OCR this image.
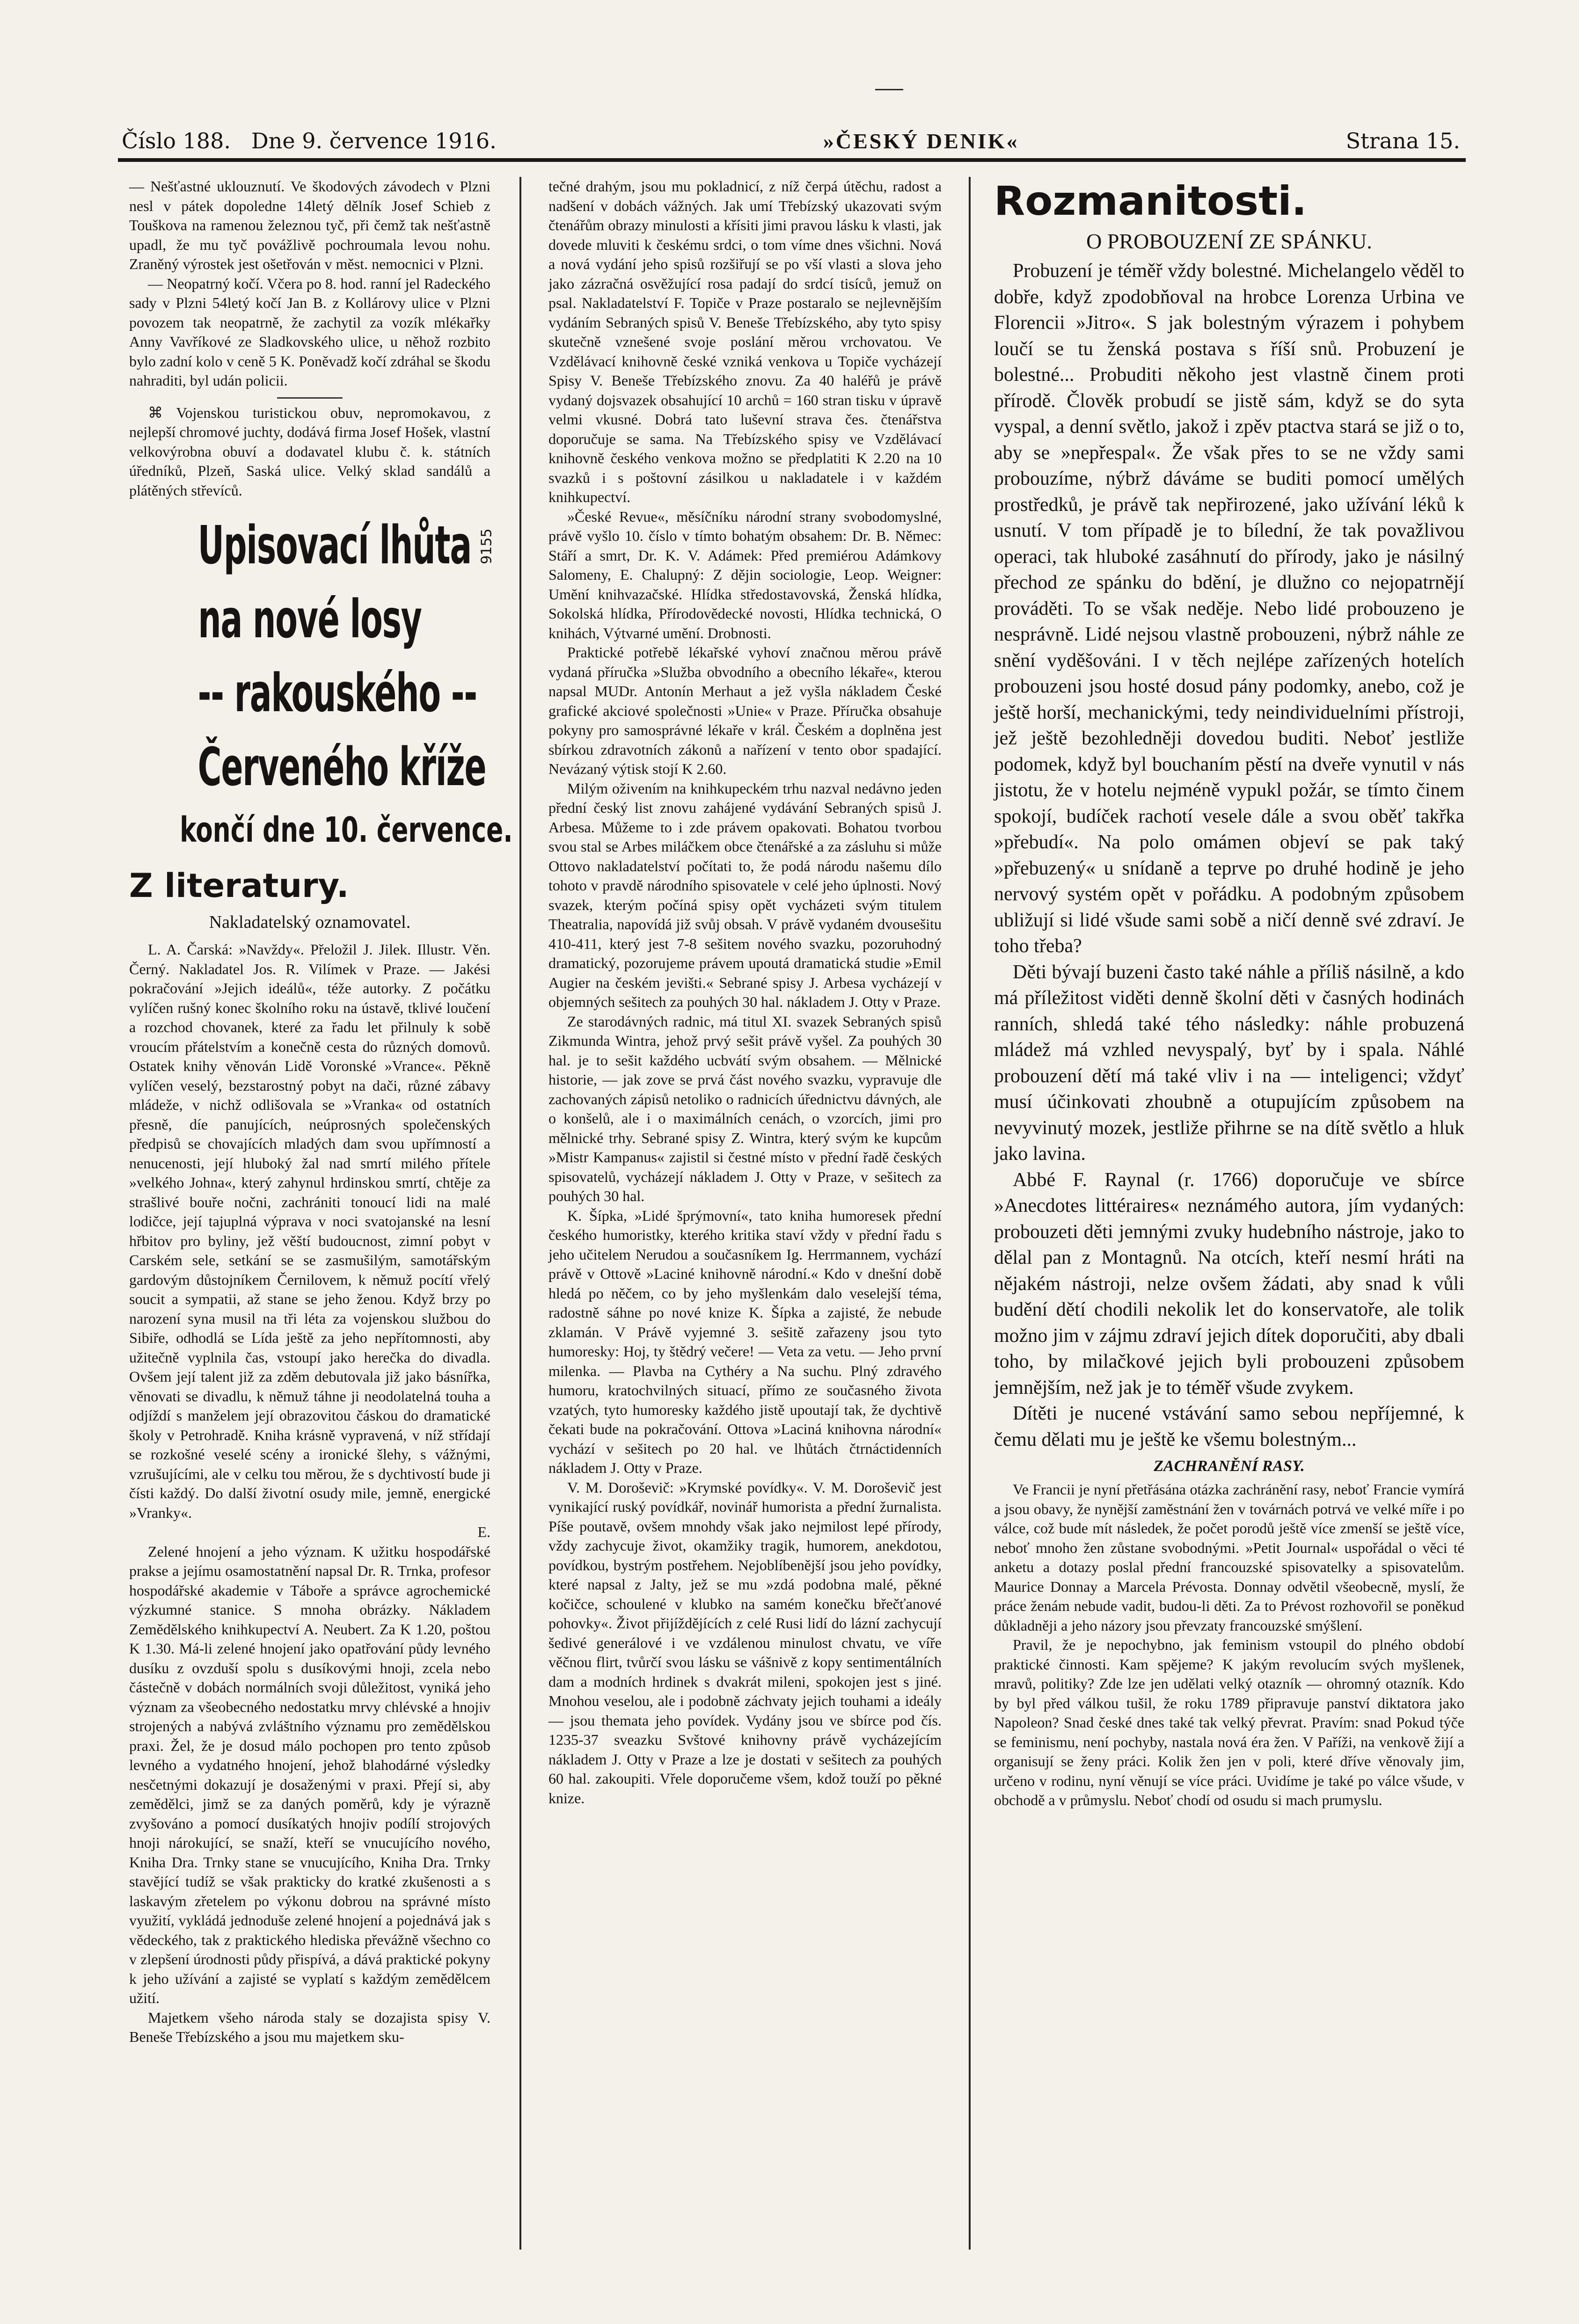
Číslo 188. Dne 9. července 1916.	»ČESKÝ DENIK«	Strana 15.

— Nešťastné uklouznutí. Ve škodových závodech v Plzni nesl v pátek dopoledne 14letý dělník Josef Schieb z Touškova na ramenou železnou tyč, při čemž tak nešťastně upadl, že mu tyč povážlivě pochroumala levou nohu. Zraněný výrostek jest ošetřován v měst. nemocnici v Plzni.

— Neopatrný kočí. Včera po 8. hod. ranní jel Radeckého sady v Plzni 54letý kočí Jan B. z Kollárovy ulice v Plzni povozem tak neopatrně, že zachytil za vozík mlékařky Anny Vavříkové ze Sladkovského ulice, u něhož rozbito bylo zadní kolo v ceně 5 K. Poněvadž kočí zdráhal se škodu nahraditi, byl udán policii.

⌘ Vojenskou turistickou obuv, nepromokavou, z nejlepší chromové juchty, dodává firma Josef Hošek, vlastní velkovýrobna obuví a dodavatel klubu č. k. státních úředníků, Plzeň, Saská ulice. Velký sklad sandálů a plátěných střevíců.

Upisovací lhůta
na nové losy
-- rakouského --
Červeného kříže
končí dne 10. července.
9155
Z literatury.
Nakladatelský oznamovatel.

L. A. Čarská: »Navždy«. Přeložil J. Jilek. Illustr. Věn. Černý. Nakladatel Jos. R. Vilímek v Praze. — Jakési pokračování »Jejich ideálů«, téže autorky. Z počátku vylíčen rušný konec školního roku na ústavě, tklivé loučení a rozchod chovanek, které za řadu let přilnuly k sobě vroucím přátelstvím a konečně cesta do různých domovů. Ostatek knihy věnován Lidě Voronské »Vrance«. Pěkně vylíčen veselý, bezstarostný pobyt na dači, různé zábavy mládeže, v nichž odlišovala se »Vranka« od ostatních přesně, díe panujících, neúprosných společenských předpisů se chovajících mladých dam svou upřímností a nenucenosti, její hluboký žal nad smrtí milého přítele »velkého Johna«, který zahynul hrdinskou smrtí, chtěje za strašlivé bouře nočni, zachrániti tonoucí lidi na malé lodičce, její tajuplná výprava v noci svatojanské na lesní hřbitov pro byliny, jež věští budoucnost, zimní pobyt v Carském sele, setkání se se zasmušilým, samotářským gardovým důstojníkem Černilovem, k němuž pocítí vřelý soucit a sympatii, až stane se jeho ženou. Když brzy po narození syna musil na tři léta za vojenskou službou do Sibiře, odhodlá se Lída ještě za jeho nepřítomnosti, aby užitečně vyplnila čas, vstoupí jako herečka do divadla. Ovšem její talent již za zděm debutovala již jako básnířka, věnovati se divadlu, k němuž táhne ji neodolatelná touha a odjíždí s manželem její obrazovitou čáskou do dramatické školy v Petrohradě. Kniha krásně vypravená, v níž střídají se rozkošné veselé scény a ironické šlehy, s vážnými, vzrušujícími, ale v celku tou měrou, že s dychtivostí bude ji čísti každý. Do další životní osudy mile, jemně, energické »Vranky«.

E.

Zelené hnojení a jeho význam. K užitku hospodářské prakse a jejímu osamostatnění napsal Dr. R. Trnka, profesor hospodářské akademie v Táboře a správce agrochemické výzkumné stanice. S mnoha obrázky. Nákladem Zemědělského knihkupectví A. Neubert. Za K 1.20, poštou K 1.30. Má-li zelené hnojení jako opatřování půdy levného dusíku z ovzduší spolu s dusíkovými hnoji, zcela nebo částečně v dobách normálních svoji důležitost, vyniká jeho význam za všeobecného nedostatku mrvy chlévské a hnojiv strojených a nabývá zvláštního významu pro zemědělskou praxi. Žel, že je dosud málo pochopen pro tento způsob levného a vydatného hnojení, jehož blahodárné výsledky nesčetnými dokazují je dosaženými v praxi. Přejí si, aby zemědělci, jimž se za daných poměrů, kdy je výrazně zvyšováno a pomocí dusíkatých hnojiv podílí strojových hnoji nárokující, se snaží, kteří se vnucujícího nového, Kniha Dra. Trnky stane se vnucujícího, Kniha Dra. Trnky stavějící tudíž se však prakticky do kratké zkušenosti a s laskavým zřetelem po výkonu dobrou na správné místo využití, vykládá jednoduše zelené hnojení a pojednává jak s vědeckého, tak z praktického hlediska převážně všechno co v zlepšení úrodnosti půdy přispívá, a dává praktické pokyny k jeho užívání a zajisté se vyplatí s každým zemědělcem užití.

Majetkem všeho národa staly se dozajista spisy V. Beneše Třebízského a jsou mu majetkem sku-

tečné drahým, jsou mu pokladnicí, z níž čerpá útěchu, radost a nadšení v dobách vážných. Jak umí Třebízský ukazovati svým čtenářům obrazy minulosti a křísiti jimi pravou lásku k vlasti, jak dovede mluviti k českému srdci, o tom víme dnes všichni. Nová a nová vydání jeho spisů rozšiřují se po vší vlasti a slova jeho jako zázračná osvěžující rosa padají do srdcí tisíců, jemuž on psal. Nakladatelství F. Topiče v Praze postaralo se nejlevnějším vydáním Sebraných spisů V. Beneše Třebízského, aby tyto spisy skutečně vznešené svoje poslání měrou vrchovatou. Ve Vzdělávací knihovně české vzniká venkova u Topiče vycházejí Spisy V. Beneše Třebízského znovu. Za 40 haléřů je právě vydaný dojsvazek obsahující 10 archů = 160 stran tisku v úpravě velmi vkusné. Dobrá tato luševní strava čes. čtenářstva doporučuje se sama. Na Třebízského spisy ve Vzdělávací knihovně českého venkova možno se předplatiti K 2.20 na 10 svazků i s poštovní zásilkou u nakladatele i v každém knihkupectví.

»České Revue«, měsíčníku národní strany svobodomyslné, právě vyšlo 10. číslo v tímto bohatým obsahem: Dr. B. Němec: Stáří a smrt, Dr. K. V. Adámek: Před premiérou Adámkovy Salomeny, E. Chalupný: Z dějin sociologie, Leop. Weigner: Umění knihvazačské. Hlídka středostavovská, Ženská hlídka, Sokolská hlídka, Přírodovědecké novosti, Hlídka technická, O knihách, Výtvarné umění. Drobnosti.

Praktické potřebě lékařské vyhoví značnou měrou právě vydaná příručka »Služba obvodního a obecního lékaře«, kterou napsal MUDr. Antonín Merhaut a jež vyšla nákladem České grafické akciové společnosti »Unie« v Praze. Příručka obsahuje pokyny pro samosprávné lékaře v král. Českém a doplněna jest sbírkou zdravotních zákonů a nařízení v tento obor spadající. Nevázaný výtisk stojí K 2.60.

Milým oživením na knihkupeckém trhu nazval nedávno jeden přední český list znovu zahájené vydávání Sebraných spisů J. Arbesa. Můžeme to i zde právem opakovati. Bohatou tvorbou svou stal se Arbes miláčkem obce čtenářské a za zásluhu si může Ottovo nakladatelství počítati to, že podá národu našemu dílo tohoto v pravdě národního spisovatele v celé jeho úplnosti. Nový svazek, kterým počíná spisy opět vycházeti svým titulem Theatralia, napovídá již svůj obsah. V právě vydaném dvousešitu 410-411, který jest 7-8 sešitem nového svazku, pozoruhodný dramatický, pozorujeme právem upoutá dramatická studie »Emil Augier na českém jevišti.« Sebrané spisy J. Arbesa vycházejí v objemných sešitech za pouhých 30 hal. nákladem J. Otty v Praze.

Ze starodávných radnic, má titul XI. svazek Sebraných spisů Zikmunda Wintra, jehož prvý sešit právě vyšel. Za pouhých 30 hal. je to sešit každého ucbvátí svým obsahem. — Mělnické historie, — jak zove se prvá část nového svazku, vypravuje dle zachovaných zápisů netoliko o radnicích úřednictvu dávných, ale o konšelů, ale i o maximálních cenách, o vzorcích, jimi pro mělnické trhy. Sebrané spisy Z. Wintra, který svým ke kupcům »Mistr Kampanus« zajistil si čestné místo v přední řadě českých spisovatelů, vycházejí nákladem J. Otty v Praze, v sešitech za pouhých 30 hal.

K. Šípka, »Lidé šprýmovní«, tato kniha humoresek přední českého humoristky, kterého kritika staví vždy v přední řadu s jeho učitelem Nerudou a současníkem Ig. Herrmannem, vychází právě v Ottově »Laciné knihovně národní.« Kdo v dnešní době hledá po něčem, co by jeho myšlenkám dalo veselejší téma, radostně sáhne po nové knize K. Šípka a zajisté, že nebude zklamán. V Právě vyjemné 3. sešitě zařazeny jsou tyto humoresky: Hoj, ty štědrý večere! — Veta za vetu. — Jeho první milenka. — Plavba na Cythéry a Na suchu. Plný zdravého humoru, kratochvilných situací, přímo ze současného života vzatých, tyto humoresky každého jistě upoutají tak, že dychtivě čekati bude na pokračování. Ottova »Laciná knihovna národní« vychází v sešitech po 20 hal. ve lhůtách čtrnáctidenních nákladem J. Otty v Praze.

V. M. Doroševič: »Krymské povídky«. V. M. Doroševič jest vynikající ruský povídkář, novinář humorista a přední žurnalista. Píše poutavě, ovšem mnohdy však jako nejmilost lepé přírody, vždy zachycuje život, okamžiky tragik, humorem, anekdotou, povídkou, bystrým postřehem. Nejoblíbenější jsou jeho povídky, které napsal z Jalty, jež se mu »zdá podobna malé, pěkné kočičce, schoulené v klubko na samém konečku břečťanové pohovky«. Život přijíždějících z celé Rusi lidí do lázní zachycují šedivé generálové i ve vzdálenou minulost chvatu, ve víře věčnou flirt, tvůrčí svou lásku se vášnivě z kopy sentimentálních dam a modních hrdinek s dvakrát mileni, spokojen jest s jiné. Mnohou veselou, ale i podobně záchvaty jejich touhami a ideály — jsou themata jeho povídek. Vydány jsou ve sbírce pod čís. 1235-37 sveazku Svštové knihovny právě vycházejícím nákladem J. Otty v Praze a lze je dostati v sešitech za pouhých 60 hal. zakoupiti. Vřele doporučeme všem, kdož touží po pěkné knize.

Rozmanitosti.
O PROBOUZENÍ ZE SPÁNKU.

Probuzení je téměř vždy bolestné. Michelangelo věděl to dobře, když zpodobňoval na hrobce Lorenza Urbina ve Florencii »Jitro«. S jak bolestným výrazem i pohybem loučí se tu ženská postava s říší snů. Probuzení je bolestné... Probuditi někoho jest vlastně činem proti přírodě. Člověk probudí se jistě sám, když se do syta vyspal, a denní světlo, jakož i zpěv ptactva stará se již o to, aby se »nepřespal«. Že však přes to se ne vždy sami probouzíme, nýbrž dáváme se buditi pomocí umělých prostředků, je právě tak nepřirozené, jako užívání léků k usnutí. V tom případě je to bílední, že tak považlivou operaci, tak hluboké zasáhnutí do přírody, jako je násilný přechod ze spánku do bdění, je dlužno co nejopatrnějí prováděti. To se však neděje. Nebo lidé probouzeno je nesprávně. Lidé nejsou vlastně probouzeni, nýbrž náhle ze snění vyděšováni. I v těch nejlépe zařízených hotelích probouzeni jsou hosté dosud pány podomky, anebo, což je ještě horší, mechanickými, tedy neindividuelními přístroji, jež ještě bezohledněji dovedou buditi. Neboť jestliže podomek, když byl bouchaním pěstí na dveře vynutil v nás jistotu, že v hotelu nejméně vypukl požár, se tímto činem spokojí, budíček rachotí vesele dále a svou oběť takřka »přebudí«. Na polo omámen objeví se pak taký »přebuzený« u snídaně a teprve po druhé hodině je jeho nervový systém opět v pořádku. A podobným způsobem ubližují si lidé všude sami sobě a ničí denně své zdraví. Je toho třeba?

Děti bývají buzeni často také náhle a příliš násilně, a kdo má příležitost viděti denně školní děti v časných hodinách ranních, shledá také tého následky: náhle probuzená mládež má vzhled nevyspalý, byť by i spala. Náhlé probouzení dětí má také vliv i na — inteligenci; vždyť musí účinkovati zhoubně a otupujícím způsobem na nevyvinutý mozek, jestliže přihrne se na dítě světlo a hluk jako lavina.

Abbé F. Raynal (r. 1766) doporučuje ve sbírce »Anecdotes littéraires« neznámého autora, jím vydaných: probouzeti děti jemnými zvuky hudebního nástroje, jako to dělal pan z Montagnů. Na otcích, kteří nesmí hráti na nějakém nástroji, nelze ovšem žádati, aby snad k vůli budění dětí chodili nekolik let do konservatoře, ale tolik možno jim v zájmu zdraví jejich dítek doporučiti, aby dbali toho, by milačkové jejich byli probouzeni způsobem jemnějším, než jak je to téměř všude zvykem.

Dítěti je nucené vstávání samo sebou nepříjemné, k čemu dělati mu je ještě ke všemu bolestným...

ZACHRANĚNÍ RASY.

Ve Francii je nyní přetřásána otázka zachránění rasy, neboť Francie vymírá a jsou obavy, že nynější zaměstnání žen v továrnách potrvá ve velké míře i po válce, což bude mít následek, že počet porodů ještě více zmenší se ještě více, neboť mnoho žen zůstane svobodnými. »Petit Journal« uspořádal o věci té anketu a dotazy poslal přední francouzské spisovatelky a spisovatelům. Maurice Donnay a Marcela Prévosta. Donnay odvětil všeobecně, myslí, že práce ženám nebude vadit, budou-li děti. Za to Prévost rozhovořil se poněkud důkladněji a jeho názory jsou převzaty francouzské smýšlení.

Pravil, že je nepochybno, jak feminism vstoupil do plného období praktické činnosti. Kam spějeme? K jakým revolucím svých myšlenek, mravů, politiky? Zde lze jen udělati velký otazník — ohromný otazník. Kdo by byl před válkou tušil, že roku 1789 připravuje panství diktatora jako Napoleon? Snad české dnes také tak velký převrat. Pravím: snad Pokud týče se feminismu, není pochyby, nastala nová éra žen. V Paříži, na venkově žijí a organisují se ženy práci. Kolik žen jen v poli, které dříve věnovaly jim, určeno v rodinu, nyní věnují se více práci. Uvidíme je také po válce všude, v obchodě a v průmyslu. Neboť chodí od osudu si mach prumyslu.
